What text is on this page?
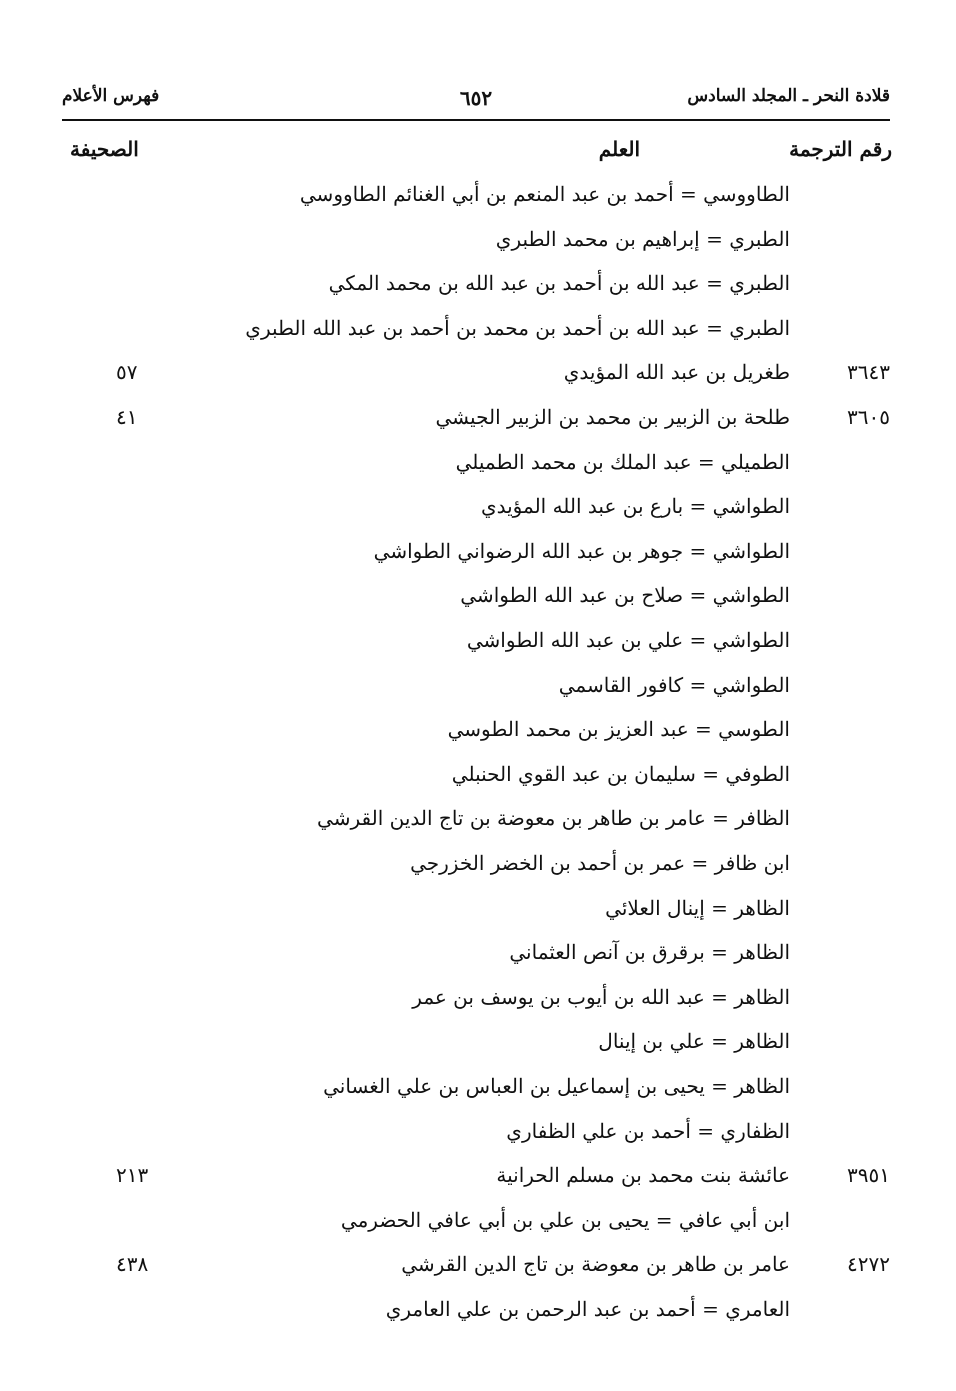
قلادة النحر ـ المجلد السادس
٦٥٢
فهرس الأعلام
رقم الترجمة
العلم
الصحيفة
الطاووسي = أحمد بن عبد المنعم بن أبي الغنائم الطاووسي
الطبري = إبراهيم بن محمد الطبري
الطبري = عبد الله بن أحمد بن عبد الله بن محمد المكي
الطبري = عبد الله بن أحمد بن محمد بن أحمد بن عبد الله الطبري
٣٦٤٣
طغريل بن عبد الله المؤيدي
٥٧
٣٦٠٥
طلحة بن الزبير بن محمد بن الزبير الجيشي
٤١
الطميلي = عبد الملك بن محمد الطميلي
الطواشي = بارع بن عبد الله المؤيدي
الطواشي = جوهر بن عبد الله الرضواني الطواشي
الطواشي = صلاح بن عبد الله الطواشي
الطواشي = علي بن عبد الله الطواشي
الطواشي = كافور القاسمي
الطوسي = عبد العزيز بن محمد الطوسي
الطوفي = سليمان بن عبد القوي الحنبلي
الظافر = عامر بن طاهر بن معوضة بن تاج الدين القرشي
ابن ظافر = عمر بن أحمد بن الخضر الخزرجي
الظاهر = إينال العلائي
الظاهر = برقرق بن آنص العثماني
الظاهر = عبد الله بن أيوب بن يوسف بن عمر
الظاهر = علي بن إينال
الظاهر = يحيى بن إسماعيل بن العباس بن علي الغساني
الظفاري = أحمد بن علي الظفاري
٣٩٥١
عائشة بنت محمد بن مسلم الحرانية
٢١٣
ابن أبي عافي = يحيى بن علي بن أبي عافي الحضرمي
٤٢٧٢
عامر بن طاهر بن معوضة بن تاج الدين القرشي
٤٣٨
العامري = أحمد بن عبد الرحمن بن علي العامري
